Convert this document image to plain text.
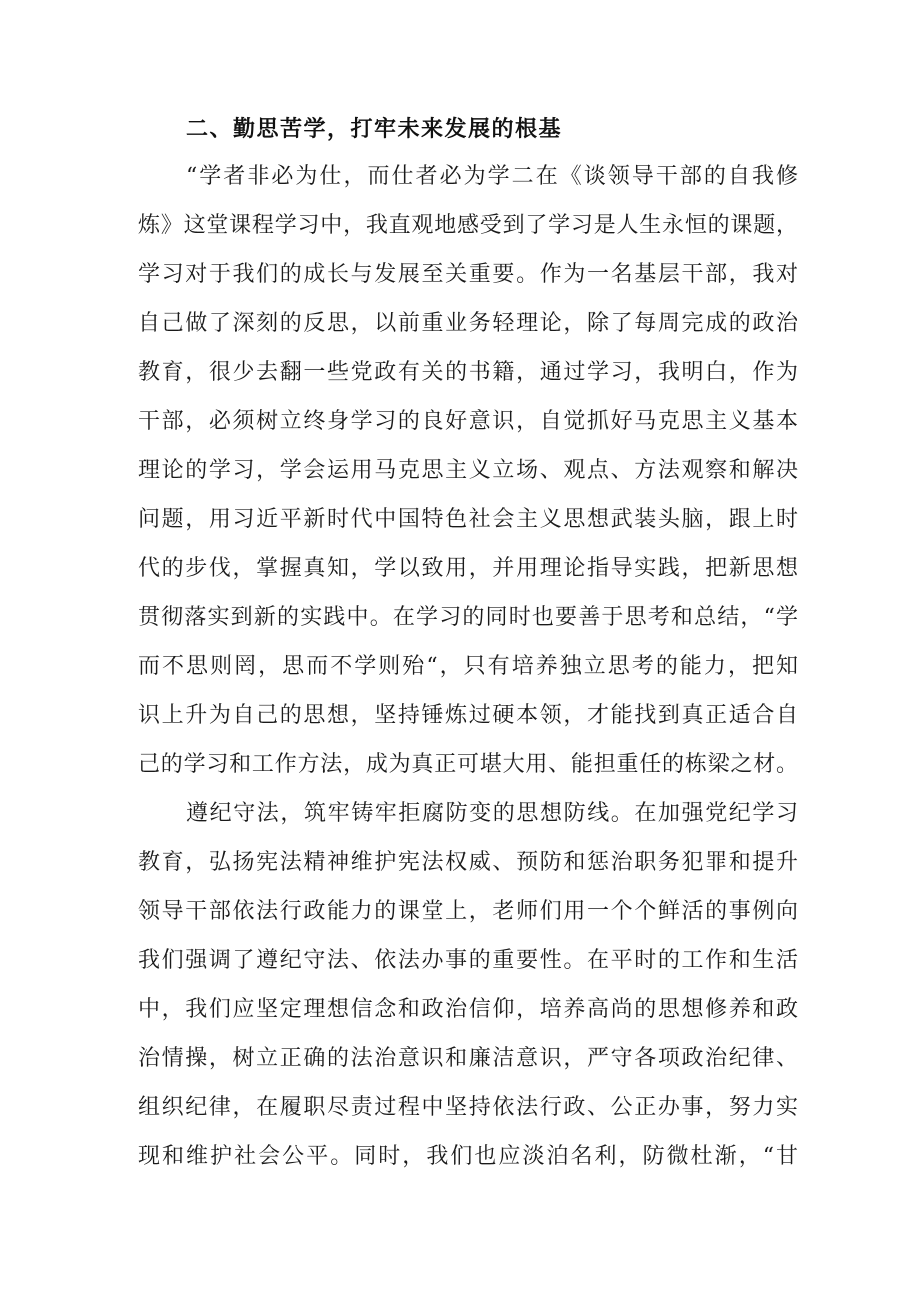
二、勤思苦学，打牢未来发展的根基
“学者非必为仕，而仕者必为学二在《谈领导干部的自我修
炼》这堂课程学习中，我直观地感受到了学习是人生永恒的课题，
学习对于我们的成长与发展至关重要。作为一名基层干部，我对
自己做了深刻的反思，以前重业务轻理论，除了每周完成的政治
教育，很少去翻一些党政有关的书籍，通过学习，我明白，作为
干部，必须树立终身学习的良好意识，自觉抓好马克思主义基本
理论的学习，学会运用马克思主义立场、观点、方法观察和解决
问题，用习近平新时代中国特色社会主义思想武装头脑，跟上时
代的步伐，掌握真知，学以致用，并用理论指导实践，把新思想
贯彻落实到新的实践中。在学习的同时也要善于思考和总结，“学
而不思则罔，思而不学则殆“，只有培养独立思考的能力，把知
识上升为自己的思想，坚持锤炼过硬本领，才能找到真正适合自
己的学习和工作方法，成为真正可堪大用、能担重任的栋梁之材。
遵纪守法，筑牢铸牢拒腐防变的思想防线。在加强党纪学习
教育，弘扬宪法精神维护宪法权威、预防和惩治职务犯罪和提升
领导干部依法行政能力的课堂上，老师们用一个个鲜活的事例向
我们强调了遵纪守法、依法办事的重要性。在平时的工作和生活
中，我们应坚定理想信念和政治信仰，培养高尚的思想修养和政
治情操，树立正确的法治意识和廉洁意识，严守各项政治纪律、
组织纪律，在履职尽责过程中坚持依法行政、公正办事，努力实
现和维护社会公平。同时，我们也应淡泊名利，防微杜渐，“甘
